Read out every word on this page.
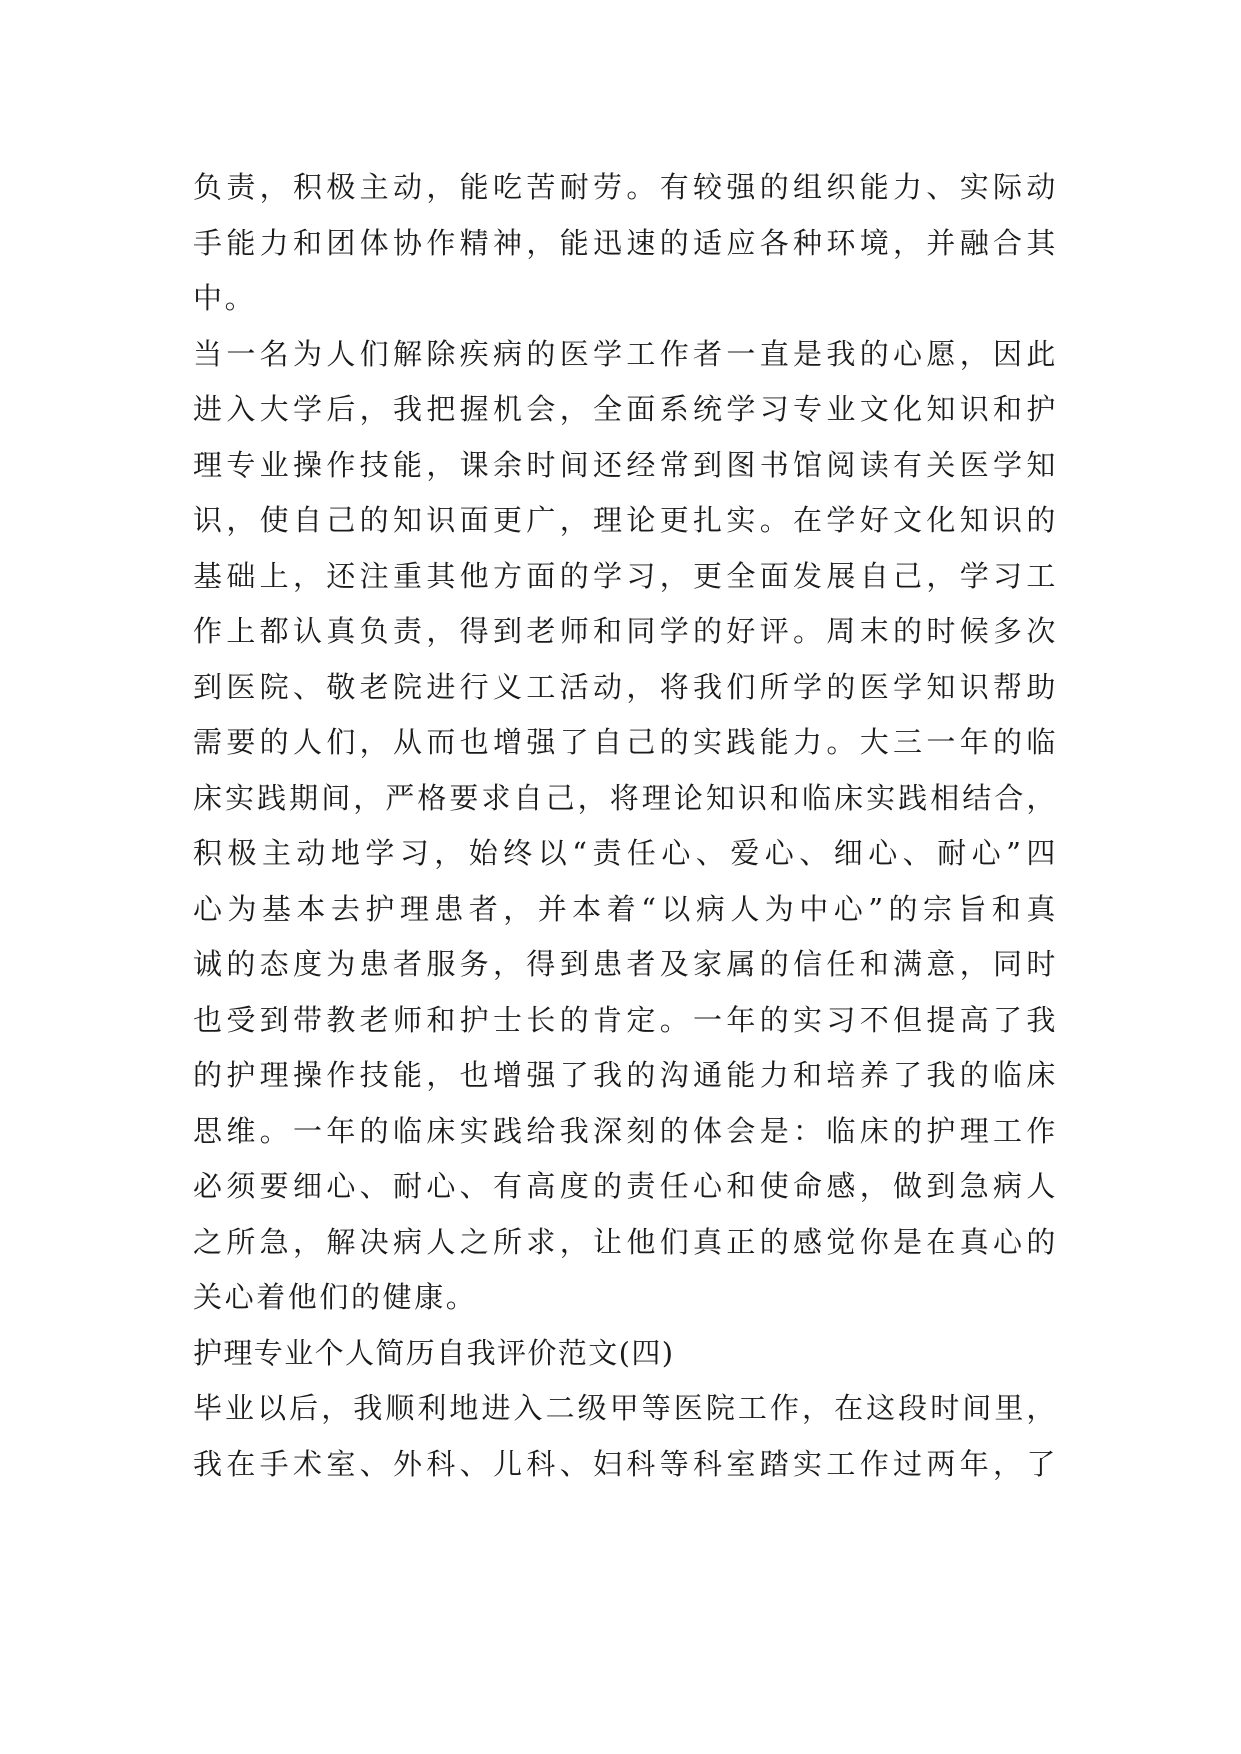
负责，积极主动，能吃苦耐劳。有较强的组织能力、实际动
手能力和团体协作精神，能迅速的适应各种环境，并融合其
中。
当一名为人们解除疾病的医学工作者一直是我的心愿，因此
进入大学后，我把握机会，全面系统学习专业文化知识和护
理专业操作技能，课余时间还经常到图书馆阅读有关医学知
识，使自己的知识面更广，理论更扎实。在学好文化知识的
基础上，还注重其他方面的学习，更全面发展自己，学习工
作上都认真负责，得到老师和同学的好评。周末的时候多次
到医院、敬老院进行义工活动，将我们所学的医学知识帮助
需要的人们，从而也增强了自己的实践能力。大三一年的临
床实践期间，严格要求自己，将理论知识和临床实践相结合，
积极主动地学习，始终以“责任心、爱心、细心、耐心”四
心为基本去护理患者，并本着“以病人为中心”的宗旨和真
诚的态度为患者服务，得到患者及家属的信任和满意，同时
也受到带教老师和护士长的肯定。一年的实习不但提高了我
的护理操作技能，也增强了我的沟通能力和培养了我的临床
思维。一年的临床实践给我深刻的体会是：临床的护理工作
必须要细心、耐心、有高度的责任心和使命感，做到急病人
之所急，解决病人之所求，让他们真正的感觉你是在真心的
关心着他们的健康。
护理专业个人简历自我评价范文(四)
毕业以后，我顺利地进入二级甲等医院工作，在这段时间里，
我在手术室、外科、儿科、妇科等科室踏实工作过两年，了
